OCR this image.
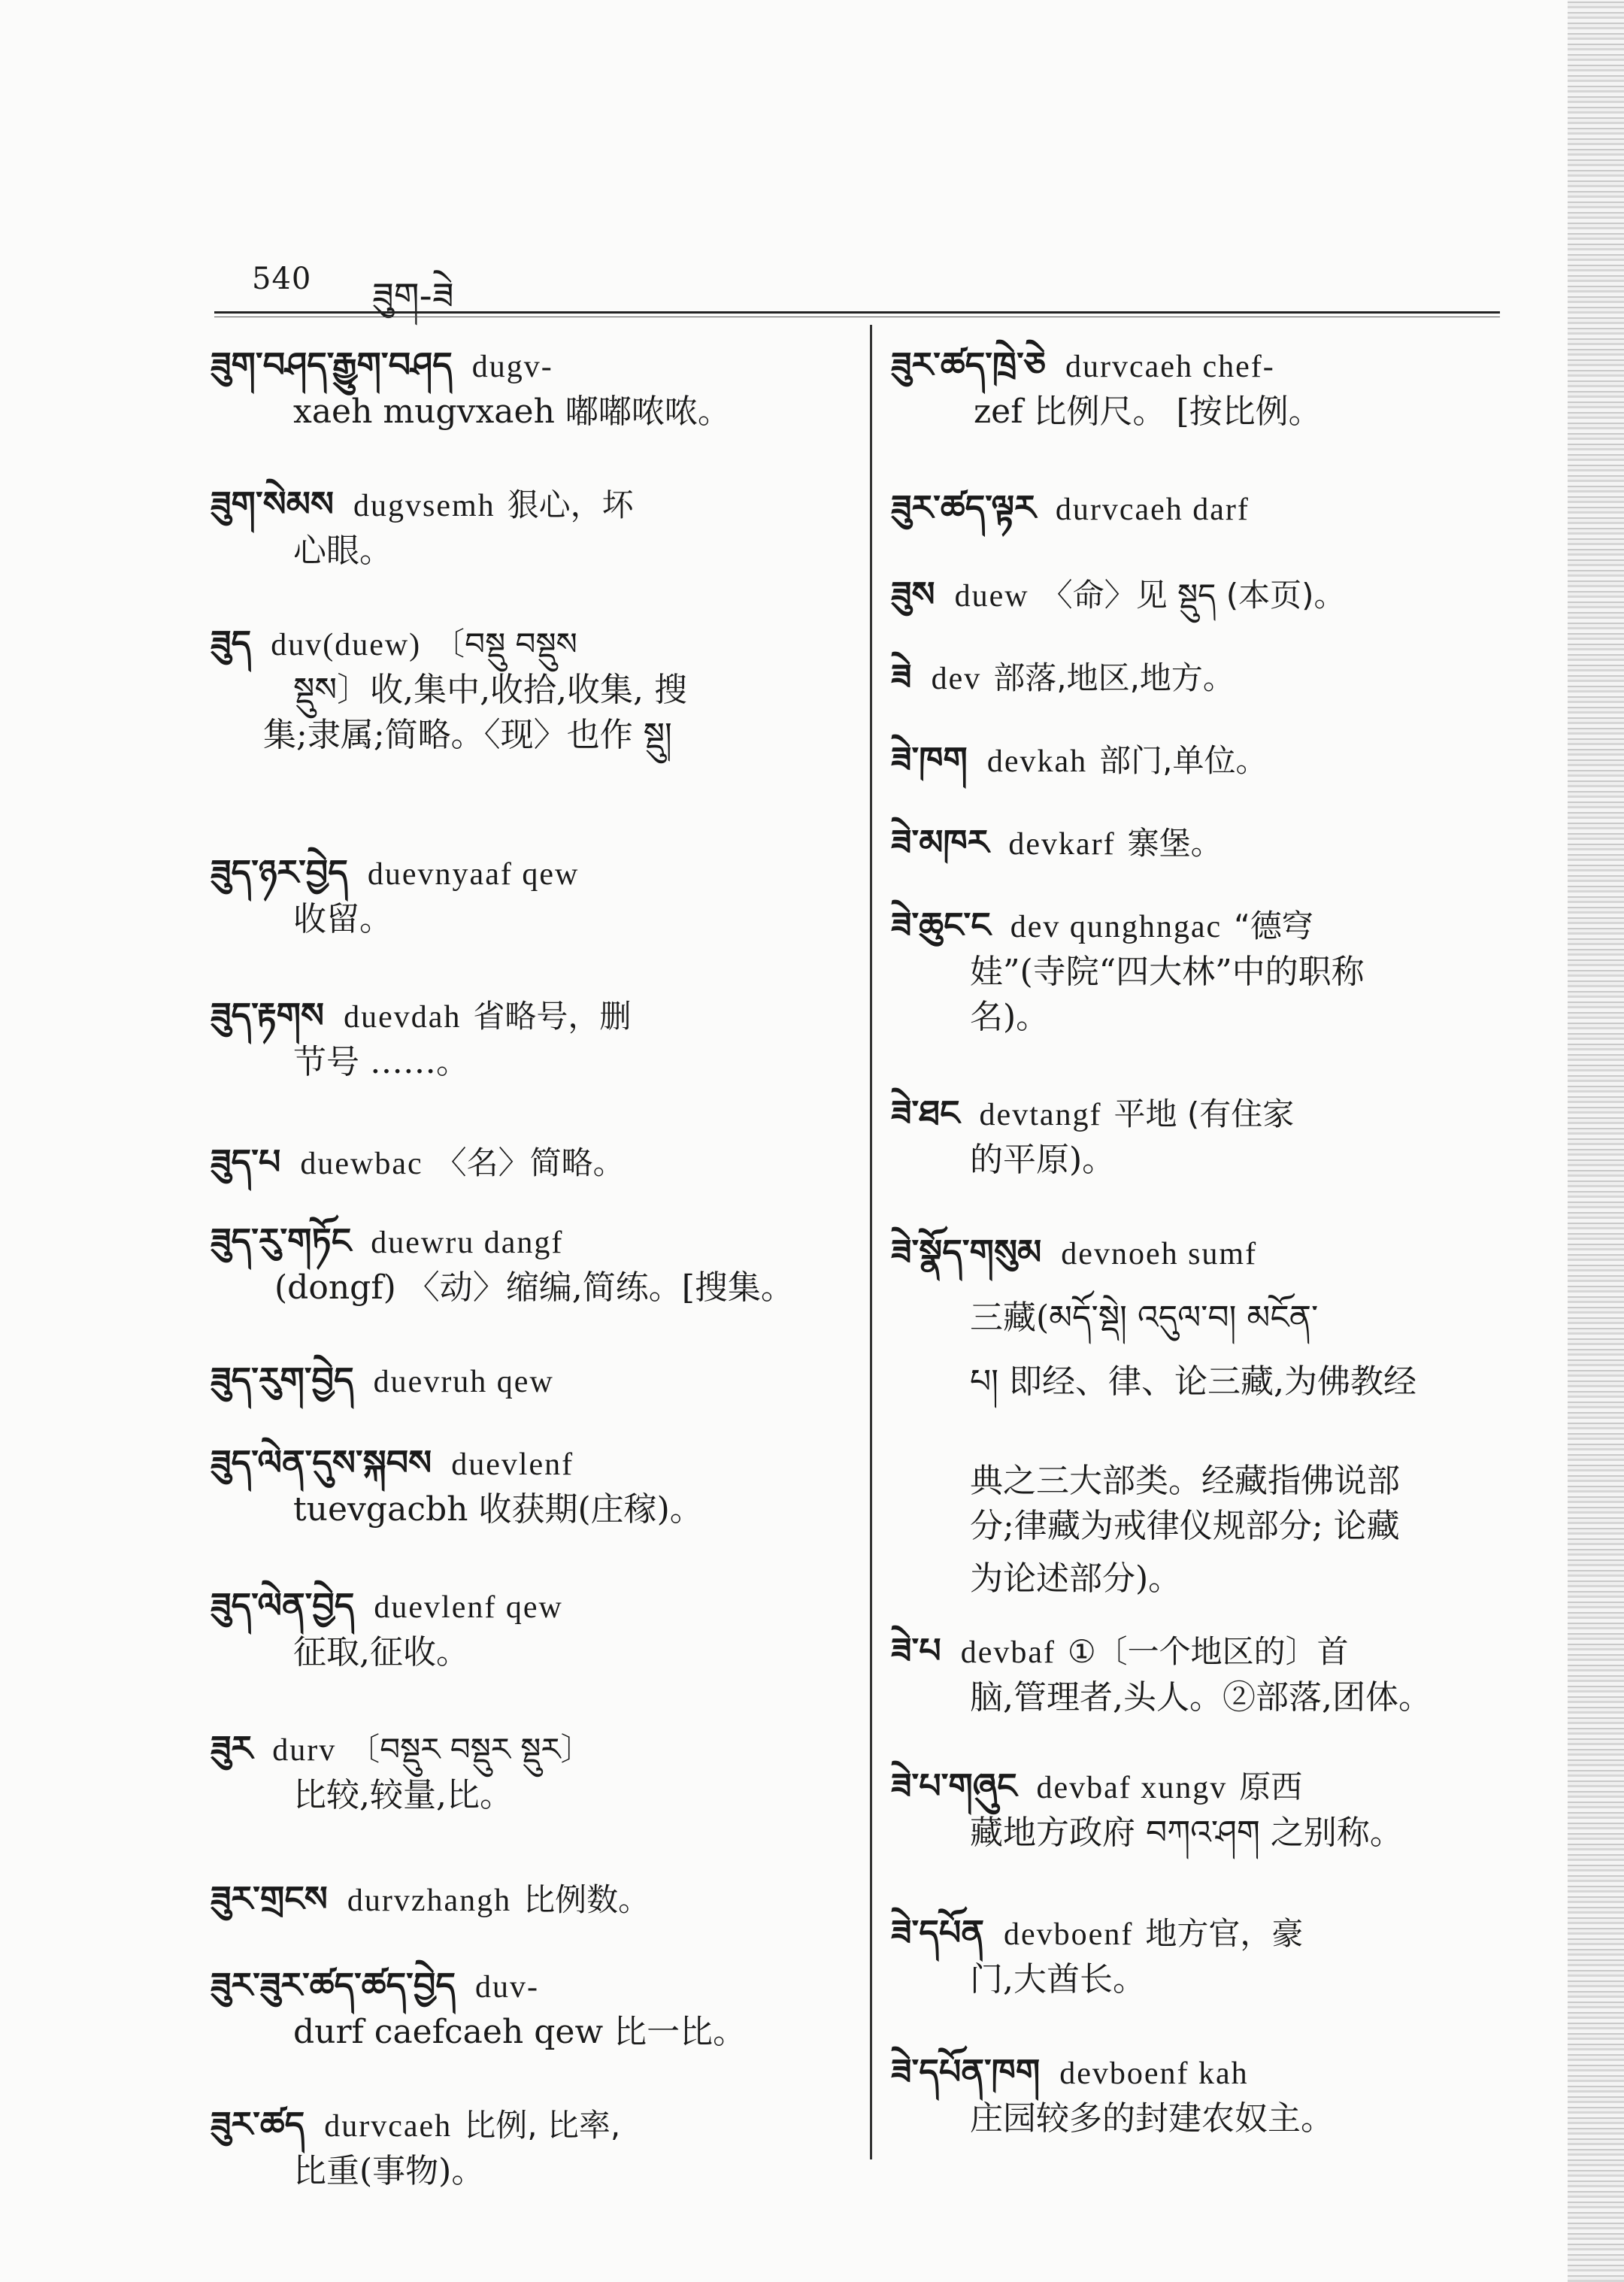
540 ཟུག-ཟེ
ཟུག་བཤད་རྒྱུག་བཤད dugv-
xaeh mugvxaeh 嘟嘟哝哝。
ཟུག་སེམས dugvsemh 狠心，坏
心眼。
ཟུད duv(duew) 〔བསྡུ བསྡུས
སྡུས〕收,集中,收拾,收集, 搜
集;隶属;简略。〈现〉也作 སྡུ།
ཟུད་ཉར་བྱེད duevnyaaf qew
收留。
ཟུད་རྟགས duevdah 省略号，删
节号 ……。
ཟུད་པ duewbac 〈名〉简略。
ཟུད་རུ་གཏོང duewru dangf
(dongf) 〈动〉缩编,简练。[搜集。
ཟུད་རུག་བྱེད duevruh qew
ཟུད་ལེན་དུས་སྐབས duevlenf
tuevgacbh 收获期(庄稼)。
ཟུད་ལེན་བྱེད duevlenf qew
征取,征收。
ཟུར durv 〔བསྡུར བསྡུར སྡུར〕
比较,较量,比。
ཟུར་གྲངས durvzhangh 比例数。
ཟུར་ཟུར་ཚད་ཚད་བྱེད duv-
durf caefcaeh qew 比一比。
ཟུར་ཚད durvcaeh 比例, 比率,
比重(事物)。
ཟུར་ཚད་ཁྲེ་ཅེ durvcaeh chef-
zef 比例尺。 [按比例。
ཟུར་ཚད་ལྟར durvcaeh darf
ཟུས duew 〈命〉见 སྡུད (本页)。
ཟེ dev 部落,地区,地方。
ཟེ་ཁག devkah 部门,单位。
ཟེ་མཁར devkarf 寨堡。
ཟེ་ཆུང་ང dev qunghngac “德穹
娃”(寺院“四大林”中的职称
名)。
ཟེ་ཐང devtangf 平地 (有住家
的平原)。
ཟེ་སྣོད་གསུམ devnoeh sumf
三藏(མདོ་སྡེ། འདུལ་བ། མངོན་
པ། 即经、律、论三藏,为佛教经
典之三大部类。经藏指佛说部
分;律藏为戒律仪规部分; 论藏
为论述部分)。
ཟེ་པ devbaf ①〔一个地区的〕首
脑,管理者,头人。②部落,团体。
ཟེ་པ་གཞུང devbaf xungv 原西
藏地方政府 བཀའ་ཤག 之别称。
ཟེ་དཔོན devboenf 地方官，豪
门,大酋长。
ཟེ་དཔོན་ཁག devboenf kah
庄园较多的封建农奴主。
